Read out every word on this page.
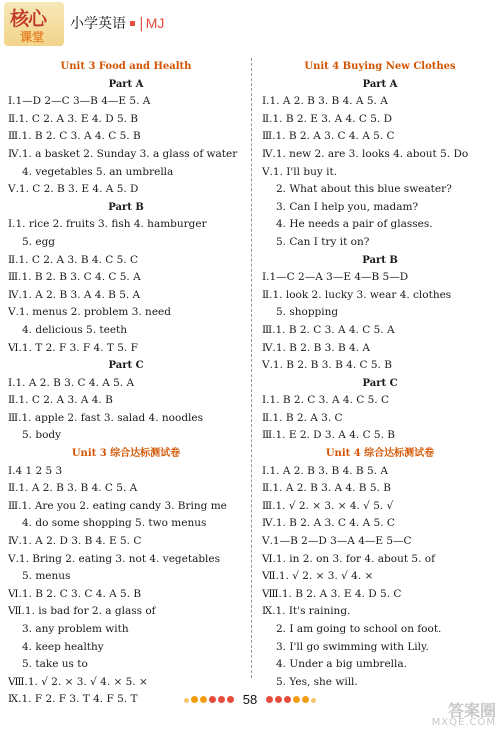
核心
课堂
小学英语 | MJ
Unit 3 Food and Health
Part A
Ⅰ.1—D 2—C 3—B 4—E 5. A
Ⅱ.1. C 2. A 3. E 4. D 5. B
Ⅲ.1. B 2. C 3. A 4. C 5. B
Ⅳ.1. a basket 2. Sunday 3. a glass of water
4. vegetables 5. an umbrella
Ⅴ.1. C 2. B 3. E 4. A 5. D
Part B
Ⅰ.1. rice 2. fruits 3. fish 4. hamburger
5. egg
Ⅱ.1. C 2. A 3. B 4. C 5. C
Ⅲ.1. B 2. B 3. C 4. C 5. A
Ⅳ.1. A 2. B 3. A 4. B 5. A
Ⅴ.1. menus 2. problem 3. need
4. delicious 5. teeth
Ⅵ.1. T 2. F 3. F 4. T 5. F
Part C
Ⅰ.1. A 2. B 3. C 4. A 5. A
Ⅱ.1. C 2. A 3. A 4. B
Ⅲ.1. apple 2. fast 3. salad 4. noodles
5. body
Unit 3 综合达标测试卷
Ⅰ.4 1 2 5 3
Ⅱ.1. A 2. B 3. B 4. C 5. A
Ⅲ.1. Are you 2. eating candy 3. Bring me
4. do some shopping 5. two menus
Ⅳ.1. A 2. D 3. B 4. E 5. C
Ⅴ.1. Bring 2. eating 3. not 4. vegetables
5. menus
Ⅵ.1. B 2. C 3. C 4. A 5. B
Ⅶ.1. is bad for 2. a glass of
3. any problem with
4. keep healthy
5. take us to
Ⅷ.1. √ 2. × 3. √ 4. × 5. ×
Ⅸ.1. F 2. F 3. T 4. F 5. T
Unit 4 Buying New Clothes
Part A
Ⅰ.1. A 2. B 3. B 4. A 5. A
Ⅱ.1. B 2. E 3. A 4. C 5. D
Ⅲ.1. B 2. A 3. C 4. A 5. C
Ⅳ.1. new 2. are 3. looks 4. about 5. Do
Ⅴ.1. I'll buy it.
2. What about this blue sweater?
3. Can I help you, madam?
4. He needs a pair of glasses.
5. Can I try it on?
Part B
Ⅰ.1—C 2—A 3—E 4—B 5—D
Ⅱ.1. look 2. lucky 3. wear 4. clothes
5. shopping
Ⅲ.1. B 2. C 3. A 4. C 5. A
Ⅳ.1. B 2. B 3. B 4. A
Ⅴ.1. B 2. B 3. B 4. C 5. B
Part C
Ⅰ.1. B 2. C 3. A 4. C 5. C
Ⅱ.1. B 2. A 3. C
Ⅲ.1. E 2. D 3. A 4. C 5. B
Unit 4 综合达标测试卷
Ⅰ.1. A 2. B 3. B 4. B 5. A
Ⅱ.1. A 2. B 3. A 4. B 5. B
Ⅲ.1. √ 2. × 3. × 4. √ 5. √
Ⅳ.1. B 2. A 3. C 4. A 5. C
Ⅴ.1—B 2—D 3—A 4—E 5—C
Ⅵ.1. in 2. on 3. for 4. about 5. of
Ⅶ.1. √ 2. × 3. √ 4. ×
Ⅷ.1. B 2. A 3. E 4. D 5. C
Ⅸ.1. It's raining.
2. I am going to school on foot.
3. I'll go swimming with Lily.
4. Under a big umbrella.
5. Yes, she will.
58
答案圈
MXQE.COM
